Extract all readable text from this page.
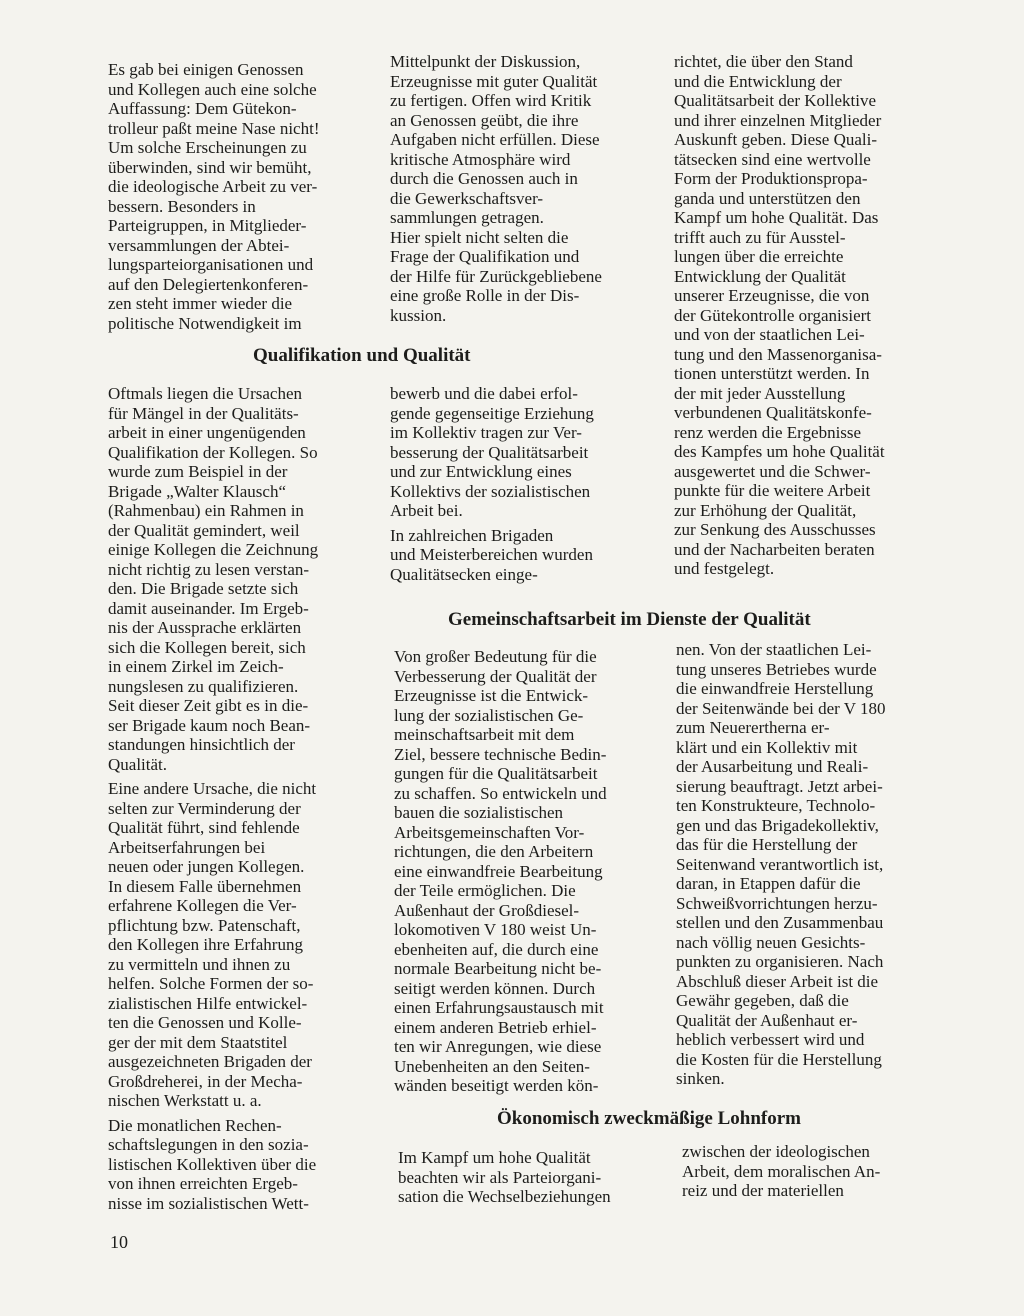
Es gab bei einigen Genossen
und Kollegen auch eine solche
Auffassung: Dem Gütekon-
trolleur paßt meine Nase nicht!
Um solche Erscheinungen zu
überwinden, sind wir bemüht,
die ideologische Arbeit zu ver-
bessern. Besonders in
Parteigruppen, in Mitglieder-
versammlungen der Abtei-
lungsparteiorganisationen und
auf den Delegiertenkonferen-
zen steht immer wieder die
politische Notwendigkeit im

Mittelpunkt der Diskussion,
Erzeugnisse mit guter Qualität
zu fertigen. Offen wird Kritik
an Genossen geübt, die ihre
Aufgaben nicht erfüllen. Diese
kritische Atmosphäre wird
durch die Genossen auch in
die Gewerkschaftsver-
sammlungen getragen.
Hier spielt nicht selten die
Frage der Qualifikation und
der Hilfe für Zurückgebliebene
eine große Rolle in der Dis-
kussion.

richtet, die über den Stand
und die Entwicklung der
Qualitätsarbeit der Kollektive
und ihrer einzelnen Mitglieder
Auskunft geben. Diese Quali-
tätsecken sind eine wertvolle
Form der Produktionspropa-
ganda und unterstützen den
Kampf um hohe Qualität. Das
trifft auch zu für Ausstel-
lungen über die erreichte
Entwicklung der Qualität
unserer Erzeugnisse, die von
der Gütekontrolle organisiert
und von der staatlichen Lei-
tung und den Massenorganisa-
tionen unterstützt werden. In
der mit jeder Ausstellung
verbundenen Qualitätskonfe-
renz werden die Ergebnisse
des Kampfes um hohe Qualität
ausgewertet und die Schwer-
punkte für die weitere Arbeit
zur Erhöhung der Qualität,
zur Senkung des Ausschusses
und der Nacharbeiten beraten
und festgelegt.

Qualifikation und Qualität

Oftmals liegen die Ursachen
für Mängel in der Qualitäts-
arbeit in einer ungenügenden
Qualifikation der Kollegen. So
wurde zum Beispiel in der
Brigade „Walter Klausch“
(Rahmenbau) ein Rahmen in
der Qualität gemindert, weil
einige Kollegen die Zeichnung
nicht richtig zu lesen verstan-
den. Die Brigade setzte sich
damit auseinander. Im Ergeb-
nis der Aussprache erklärten
sich die Kollegen bereit, sich
in einem Zirkel im Zeich-
nungslesen zu qualifizieren.
Seit dieser Zeit gibt es in die-
ser Brigade kaum noch Bean-
standungen hinsichtlich der
Qualität.

Eine andere Ursache, die nicht
selten zur Verminderung der
Qualität führt, sind fehlende
Arbeitserfahrungen bei
neuen oder jungen Kollegen.
In diesem Falle übernehmen
erfahrene Kollegen die Ver-
pflichtung bzw. Patenschaft,
den Kollegen ihre Erfahrung
zu vermitteln und ihnen zu
helfen. Solche Formen der so-
zialistischen Hilfe entwickel-
ten die Genossen und Kolle-
ger der mit dem Staatstitel
ausgezeichneten Brigaden der
Großdreherei, in der Mecha-
nischen Werkstatt u. a.

Die monatlichen Rechen-
schaftslegungen in den sozia-
listischen Kollektiven über die
von ihnen erreichten Ergeb-
nisse im sozialistischen Wett-

bewerb und die dabei erfol-
gende gegenseitige Erziehung
im Kollektiv tragen zur Ver-
besserung der Qualitätsarbeit
und zur Entwicklung eines
Kollektivs der sozialistischen
Arbeit bei.

In zahlreichen Brigaden
und Meisterbereichen wurden
Qualitätsecken einge-

Gemeinschaftsarbeit im Dienste der Qualität

Von großer Bedeutung für die
Verbesserung der Qualität der
Erzeugnisse ist die Entwick-
lung der sozialistischen Ge-
meinschaftsarbeit mit dem
Ziel, bessere technische Bedin-
gungen für die Qualitätsarbeit
zu schaffen. So entwickeln und
bauen die sozialistischen
Arbeitsgemeinschaften Vor-
richtungen, die den Arbeitern
eine einwandfreie Bearbeitung
der Teile ermöglichen. Die
Außenhaut der Großdiesel-
lokomotiven V 180 weist Un-
ebenheiten auf, die durch eine
normale Bearbeitung nicht be-
seitigt werden können. Durch
einen Erfahrungsaustausch mit
einem anderen Betrieb erhiel-
ten wir Anregungen, wie diese
Unebenheiten an den Seiten-
wänden beseitigt werden kön-

nen. Von der staatlichen Lei-
tung unseres Betriebes wurde
die einwandfreie Herstellung
der Seitenwände bei der V 180
zum Neuerertherna er-
klärt und ein Kollektiv mit
der Ausarbeitung und Reali-
sierung beauftragt. Jetzt arbei-
ten Konstrukteure, Technolo-
gen und das Brigadekollektiv,
das für die Herstellung der
Seitenwand verantwortlich ist,
daran, in Etappen dafür die
Schweißvorrichtungen herzu-
stellen und den Zusammenbau
nach völlig neuen Gesichts-
punkten zu organisieren. Nach
Abschluß dieser Arbeit ist die
Gewähr gegeben, daß die
Qualität der Außenhaut er-
heblich verbessert wird und
die Kosten für die Herstellung
sinken.

Ökonomisch zweckmäßige Lohnform

Im Kampf um hohe Qualität
beachten wir als Parteiorgani-
sation die Wechselbeziehungen

zwischen der ideologischen
Arbeit, dem moralischen An-
reiz und der materiellen

10
